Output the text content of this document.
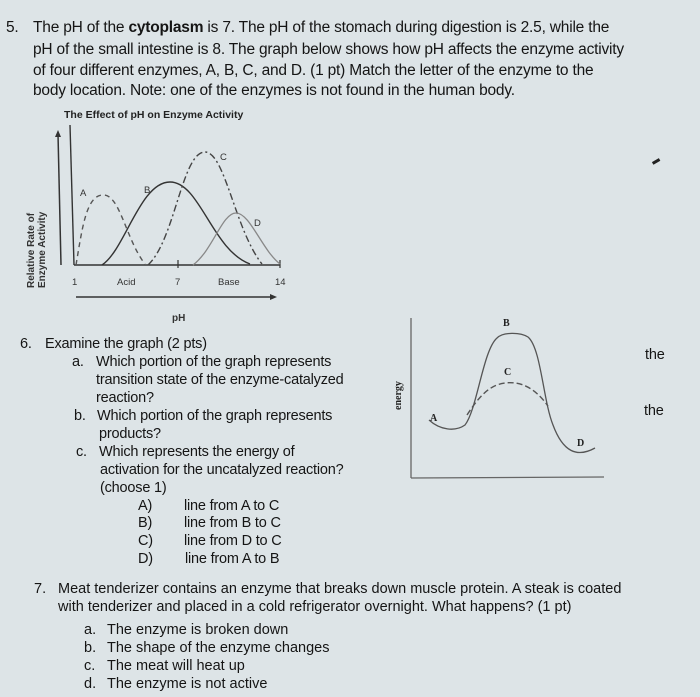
5. The pH of the cytoplasm is 7. The pH of the stomach during digestion is 2.5, while the
pH of the small intestine is 8. The graph below shows how pH affects the enzyme activity
of four different enzymes, A, B, C, and D. (1 pt) Match the letter of the enzyme to the
body location. Note: one of the enzymes is not found in the human body.
The Effect of pH on Enzyme Activity
Relative Rate of Enzyme Activity
A	B
C
D
1	Acid	7	Base	14
pH
6. Examine the graph (2 pts)
a. Which portion of the graph represents
transition state of the enzyme-catalyzed
reaction?
b. Which portion of the graph represents
products?
c. Which represents the energy of
activation for the uncatalyzed reaction?
(choose 1)
A) line from A to C
B) line from B to C
C) line from D to C
D) line from A to B
the
the
energy
B
C
A
D
7. Meat tenderizer contains an enzyme that breaks down muscle protein. A steak is coated
with tenderizer and placed in a cold refrigerator overnight. What happens? (1 pt)
a. The enzyme is broken down
b. The shape of the enzyme changes
c. The meat will heat up
d. The enzyme is not active
